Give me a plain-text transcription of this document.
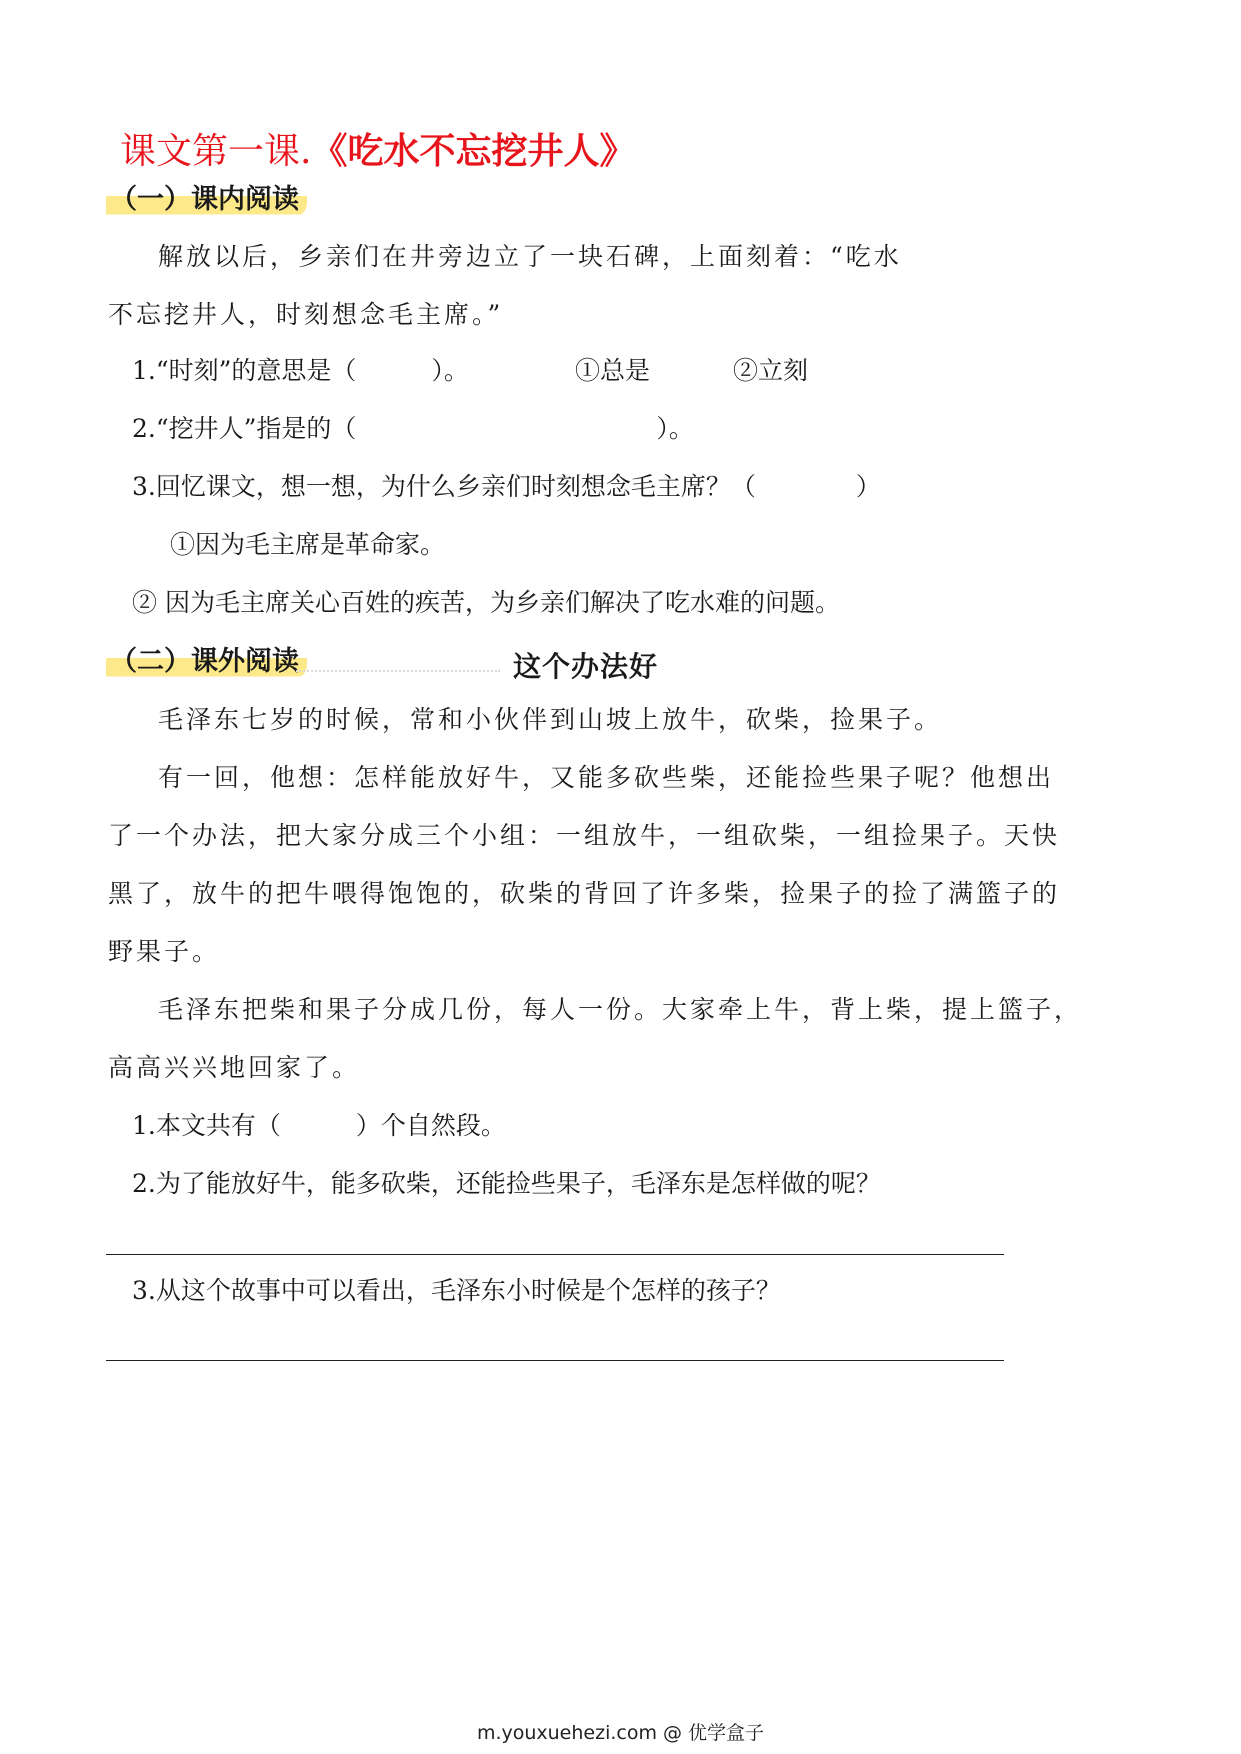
课文第一课.《吃水不忘挖井人》
（一）课内阅读
解放以后，乡亲们在井旁边立了一块石碑，上面刻着：“吃水
不忘挖井人，时刻想念毛主席。”
1.“时刻”的意思是（　　　）。	①总是	②立刻
2.“挖井人”指是的（　　　　　　　　　　　　）。
3.回忆课文，想一想，为什么乡亲们时刻想念毛主席？（　　　　）
①因为毛主席是革命家。
② 因为毛主席关心百姓的疾苦，为乡亲们解决了吃水难的问题。
（二）课外阅读	这个办法好
毛泽东七岁的时候，常和小伙伴到山坡上放牛，砍柴，捡果子。
有一回，他想：怎样能放好牛，又能多砍些柴，还能捡些果子呢？他想出
了一个办法，把大家分成三个小组：一组放牛，一组砍柴，一组捡果子。天快
黑了，放牛的把牛喂得饱饱的，砍柴的背回了许多柴，捡果子的捡了满篮子的
野果子。
毛泽东把柴和果子分成几份，每人一份。大家牵上牛，背上柴，提上篮子，
高高兴兴地回家了。
1.本文共有（　　　）个自然段。
2.为了能放好牛，能多砍柴，还能捡些果子，毛泽东是怎样做的呢？
3.从这个故事中可以看出，毛泽东小时候是个怎样的孩子？
m.youxuehezi.com @ 优学盒子
